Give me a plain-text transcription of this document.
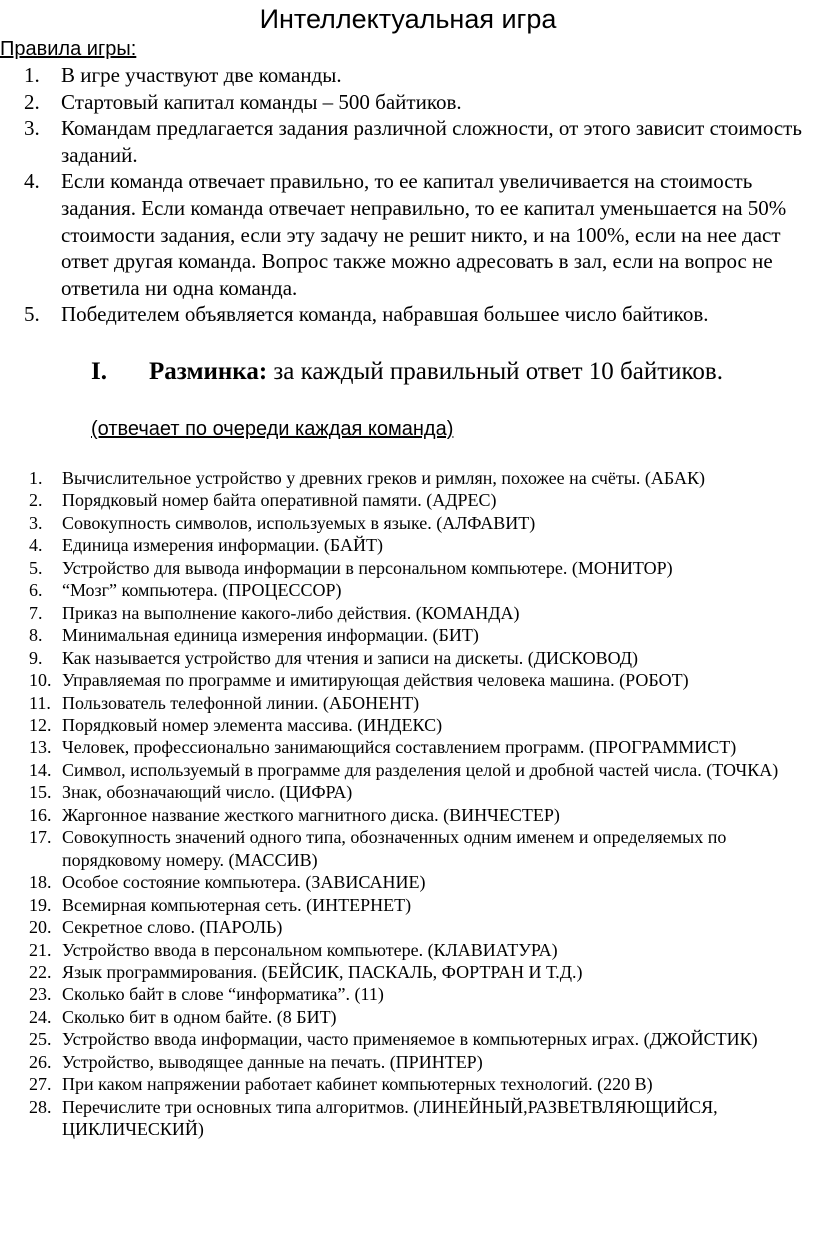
Интеллектуальная игра
Правила игры:
1. В игре участвуют две команды.
2. Стартовый капитал команды – 500 байтиков.
3. Командам предлагается задания различной сложности, от этого зависит стоимость заданий.
4. Если команда отвечает правильно, то ее капитал увеличивается на стоимость задания. Если команда отвечает неправильно, то ее капитал уменьшается на 50% стоимости задания, если эту задачу не решит никто, и на 100%, если на нее даст ответ другая команда. Вопрос также можно адресовать в зал, если на вопрос не ответила ни одна команда.
5. Победителем объявляется команда, набравшая большее число байтиков.
I. Разминка: за каждый правильный ответ 10 байтиков.
(отвечает по очереди каждая команда)
1. Вычислительное устройство у древних греков и римлян, похожее на счёты. (АБАК)
2. Порядковый номер байта оперативной памяти. (АДРЕС)
3. Совокупность символов, используемых в языке. (АЛФАВИТ)
4. Единица измерения информации. (БАЙТ)
5. Устройство для вывода информации в персональном компьютере. (МОНИТОР)
6. “Мозг” компьютера. (ПРОЦЕССОР)
7. Приказ на выполнение какого-либо действия. (КОМАНДА)
8. Минимальная единица измерения информации. (БИТ)
9. Как называется устройство для чтения и записи на дискеты. (ДИСКОВОД)
10. Управляемая по программе и имитирующая действия человека машина. (РОБОТ)
11. Пользователь телефонной линии. (АБОНЕНТ)
12. Порядковый номер элемента массива. (ИНДЕКС)
13. Человек, профессионально занимающийся составлением программ. (ПРОГРАММИСТ)
14. Символ, используемый в программе для разделения целой и дробной частей числа. (ТОЧКА)
15. Знак, обозначающий число. (ЦИФРА)
16. Жаргонное название жесткого магнитного диска. (ВИНЧЕСТЕР)
17. Совокупность значений одного типа, обозначенных одним именем и определяемых по порядковому номеру. (МАССИВ)
18. Особое состояние компьютера. (ЗАВИСАНИЕ)
19. Всемирная компьютерная сеть. (ИНТЕРНЕТ)
20. Секретное слово. (ПАРОЛЬ)
21. Устройство ввода в персональном компьютере. (КЛАВИАТУРА)
22. Язык программирования. (БЕЙСИК, ПАСКАЛЬ, ФОРТРАН И Т.Д.)
23. Сколько байт в слове “информатика”. (11)
24. Сколько бит в одном байте. (8 БИТ)
25. Устройство ввода информации, часто применяемое в компьютерных играх. (ДЖОЙСТИК)
26. Устройство, выводящее данные на печать. (ПРИНТЕР)
27. При каком напряжении работает кабинет компьютерных технологий. (220 В)
28. Перечислите три основных типа алгоритмов. (ЛИНЕЙНЫЙ,РАЗВЕТВЛЯЮЩИЙСЯ, ЦИКЛИЧЕСКИЙ)
